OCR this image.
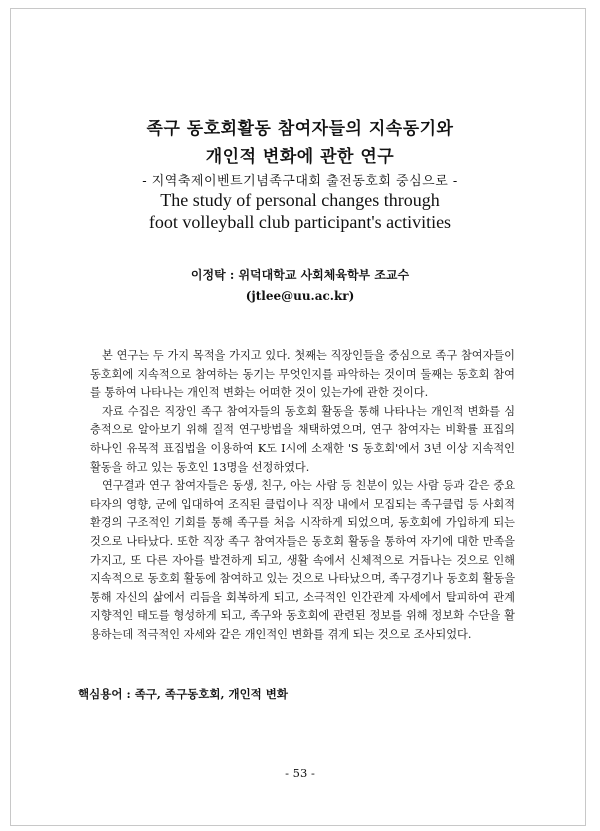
족구 동호회활동 참여자들의 지속동기와
개인적 변화에 관한 연구
- 지역축제이벤트기념족구대회 출전동호회 중심으로 -
The study of personal changes through
foot volleyball club participant's activities
이정탁 : 위덕대학교 사회체육학부 조교수
(jtlee@uu.ac.kr)

본 연구는 두 가지 목적을 가지고 있다. 첫째는 직장인들을 중심으로 족구 참여자들이 동호회에 지속적으로 참여하는 동기는 무엇인지를 파악하는 것이며 둘째는 동호회 참여를 통하여 나타나는 개인적 변화는 어떠한 것이 있는가에 관한 것이다.

자료 수집은 직장인 족구 참여자들의 동호회 활동을 통해 나타나는 개인적 변화를 심층적으로 알아보기 위해 질적 연구방법을 채택하였으며, 연구 참여자는 비확률 표집의 하나인 유목적 표집법을 이용하여 K도 I시에 소재한 'S 동호회'에서 3년 이상 지속적인 활동을 하고 있는 동호인 13명을 선정하였다.

연구결과 연구 참여자들은 동생, 친구, 아는 사람 등 친분이 있는 사람 등과 같은 중요타자의 영향, 군에 입대하여 조직된 클럽이나 직장 내에서 모집되는 족구클럽 등 사회적 환경의 구조적인 기회를 통해 족구를 처음 시작하게 되었으며, 동호회에 가입하게 되는 것으로 나타났다. 또한 직장 족구 참여자들은 동호회 활동을 통하여 자기에 대한 만족을 가지고, 또 다른 자아를 발견하게 되고, 생활 속에서 신체적으로 거듭나는 것으로 인해 지속적으로 동호회 활동에 참여하고 있는 것으로 나타났으며, 족구경기나 동호회 활동을 통해 자신의 삶에서 리듬을 회복하게 되고, 소극적인 인간관계 자세에서 탈피하여 관계지향적인 태도를 형성하게 되고, 족구와 동호회에 관련된 정보를 위해 정보화 수단을 활용하는데 적극적인 자세와 같은 개인적인 변화를 겪게 되는 것으로 조사되었다.

핵심용어 : 족구, 족구동호회, 개인적 변화
- 53 -
